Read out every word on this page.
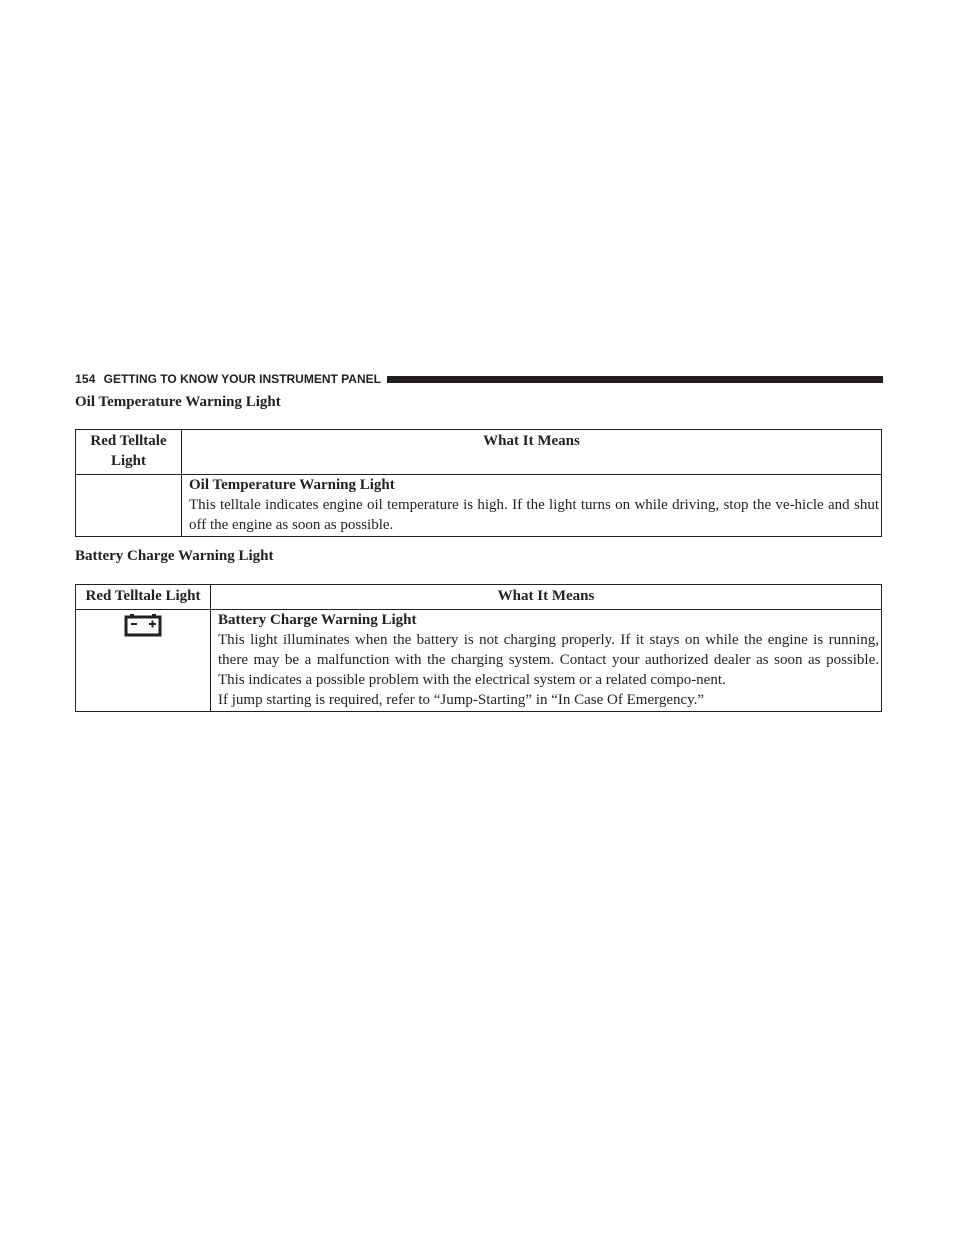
154 GETTING TO KNOW YOUR INSTRUMENT PANEL
Oil Temperature Warning Light
Red Telltale Light	What It Means

	Oil Temperature Warning Light
This telltale indicates engine oil temperature is high. If the light turns on while driving, stop the ve-hicle and shut off the engine as soon as possible.
Battery Charge Warning Light
Red Telltale Light	What It Means

Battery Charge Warning Light
This light illuminates when the battery is not charging properly. If it stays on while the engine is running, there may be a malfunction with the charging system. Contact your authorized dealer as soon as possible. This indicates a possible problem with the electrical system or a related compo-nent.
If jump starting is required, refer to “Jump-Starting” in “In Case Of Emergency.”
